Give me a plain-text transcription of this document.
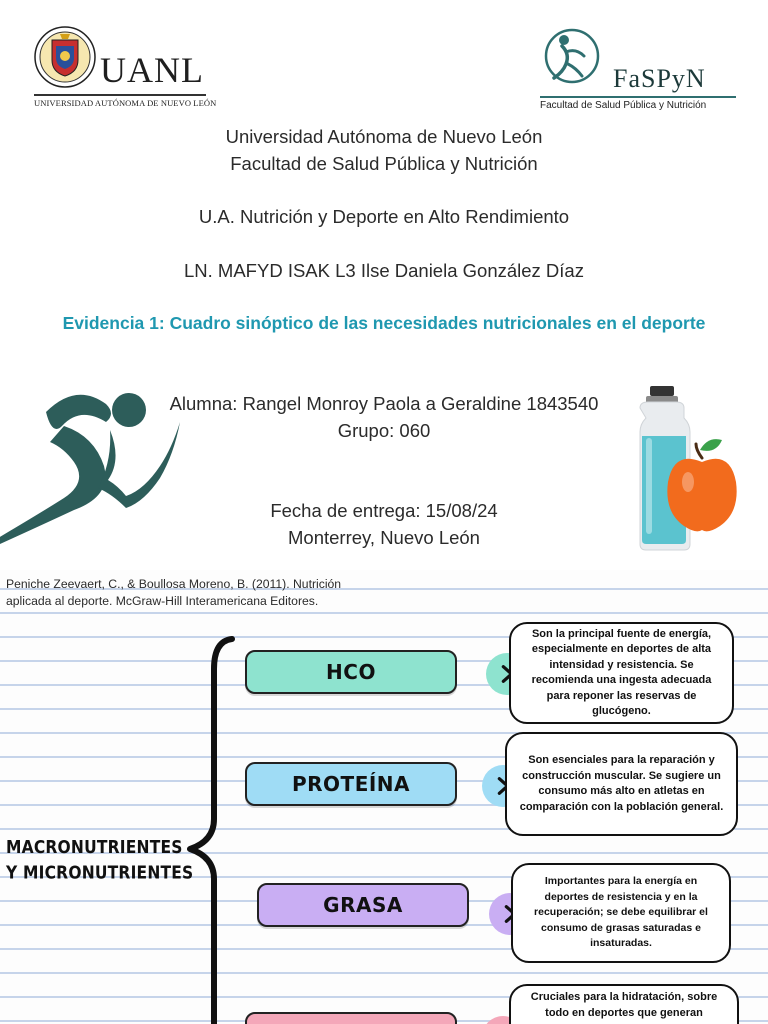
UANL
UNIVERSIDAD AUTÓNOMA DE NUEVO LEÓN
FaSPyN
Facultad de Salud Pública y Nutrición
Universidad Autónoma de Nuevo León
Facultad de Salud Pública y Nutrición
U.A. Nutrición y Deporte en Alto Rendimiento
LN. MAFYD ISAK L3 Ilse Daniela González Díaz
Evidencia 1: Cuadro sinóptico de las necesidades nutricionales en el deporte
Alumna: Rangel Monroy Paola a Geraldine 1843540
Grupo: 060
Fecha de entrega: 15/08/24
Monterrey, Nuevo León
Peniche Zeevaert, C., & Boullosa Moreno, B. (2011). Nutrición aplicada al deporte. McGraw-Hill Interamericana Editores.
MACRONUTRIENTES
Y MICRONUTRIENTES
HCO
Son la principal fuente de energía, especialmente en deportes de alta intensidad y resistencia. Se recomienda una ingesta adecuada para reponer las reservas de glucógeno.
PROTEÍNA
Son esenciales para la reparación y construcción muscular. Se sugiere un consumo más alto en atletas en comparación con la población general.
GRASA
Importantes para la energía en deportes de resistencia y en la recuperación; se debe equilibrar el consumo de grasas saturadas e insaturadas.
Cruciales para la hidratación, sobre todo en deportes que generan
